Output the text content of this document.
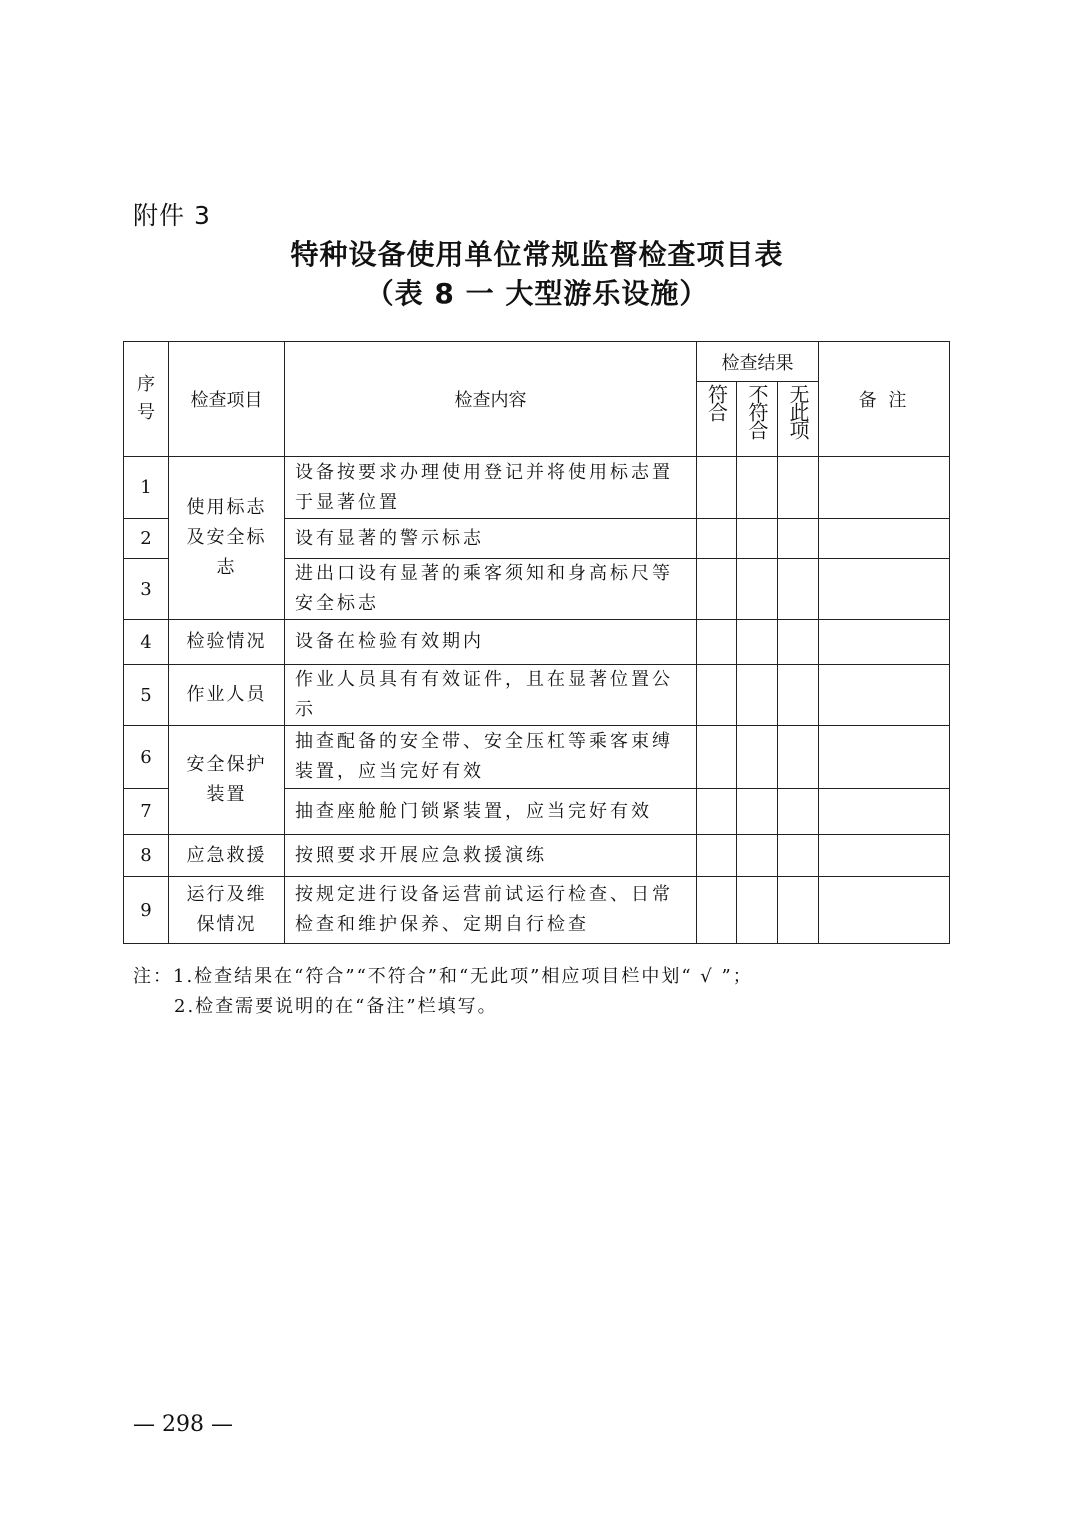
附件 3
特种设备使用单位常规监督检查项目表
（表 8 一 大型游乐设施）
序
号	检查项目	检查内容	检查结果			备 注

			符合	不符合	无此项	

1	使用标志及安全标志	设备按要求办理使用登记并将使用标志置于显著位置				
2		设有显著的警示标志				
3		进出口设有显著的乘客须知和身高标尺等安全标志				
4	检验情况	设备在检验有效期内				
5	作业人员	作业人员具有有效证件，且在显著位置公示				
6	安全保护装置	抽查配备的安全带、安全压杠等乘客束缚装置，应当完好有效				
7		抽查座舱舱门锁紧装置，应当完好有效				
8	应急救援	按照要求开展应急救援演练				
9	运行及维保情况	按规定进行设备运营前试运行检查、日常检查和维护保养、定期自行检查				
注：1.检查结果在“符合”“不符合”和“无此项”相应项目栏中划“ √ ”；
2.检查需要说明的在“备注”栏填写。
— 298 —
